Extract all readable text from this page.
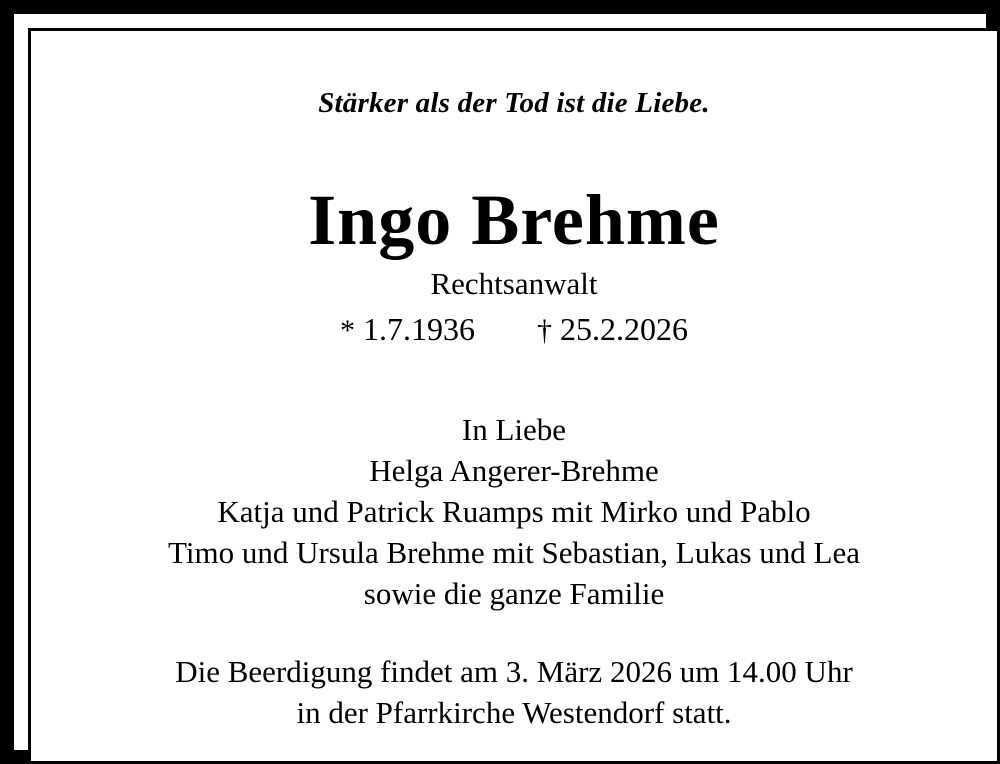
Stärker als der Tod ist die Liebe.
Ingo Brehme
Rechtsanwalt
* 1.7.1936 † 25.2.2026
In Liebe
Helga Angerer-Brehme
Katja und Patrick Ruamps mit Mirko und Pablo
Timo und Ursula Brehme mit Sebastian, Lukas und Lea
sowie die ganze Familie
Die Beerdigung findet am 3. März 2026 um 14.00 Uhr
in der Pfarrkirche Westendorf statt.
